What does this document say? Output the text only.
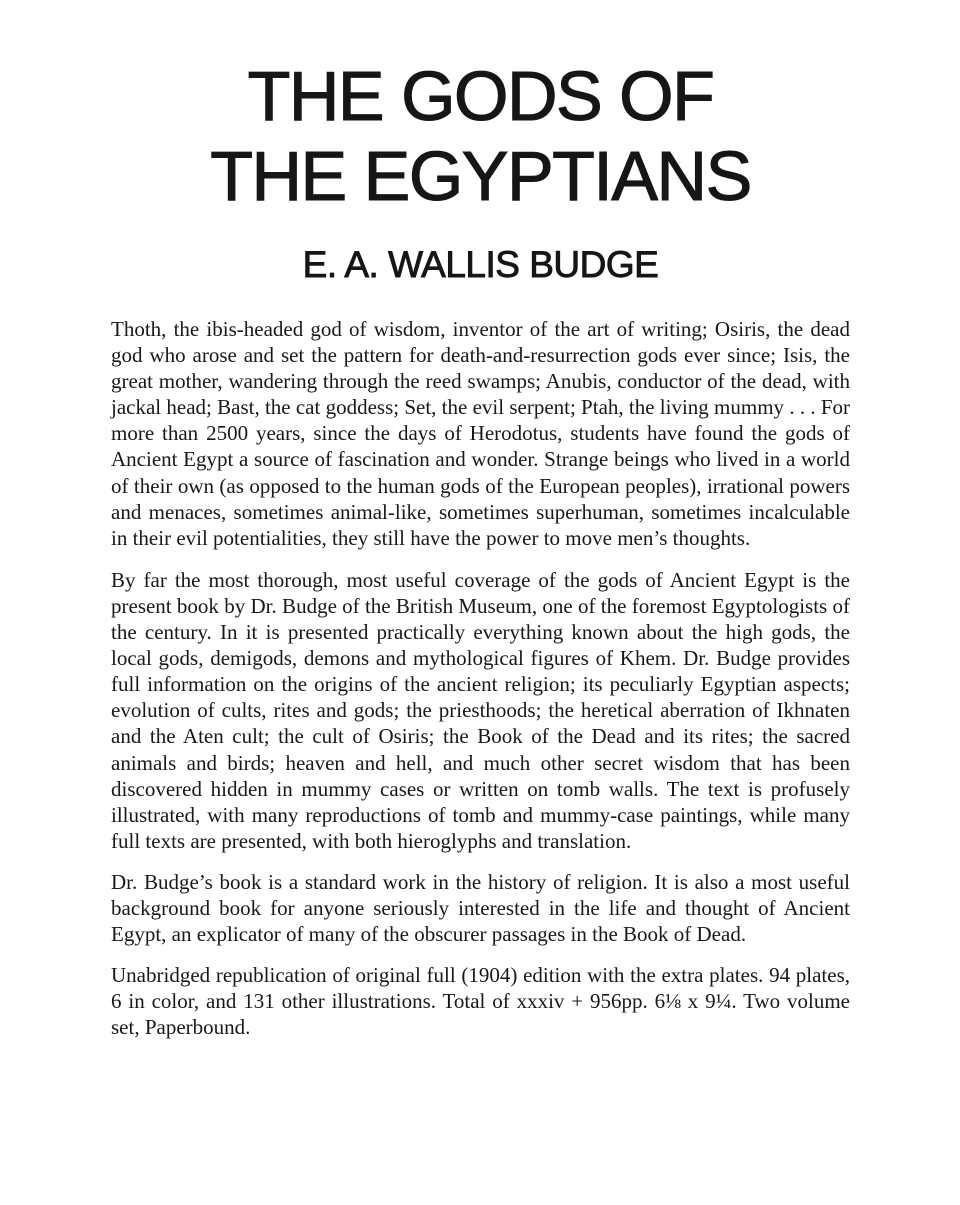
THE GODS OF
THE EGYPTIANS
E. A. WALLIS BUDGE

Thoth, the ibis-headed god of wisdom, inventor of the art of writing; Osiris, the dead god who arose and set the pattern for death-and-resurrection gods ever since; Isis, the great mother, wandering through the reed swamps; Anubis, conductor of the dead, with jackal head; Bast, the cat goddess; Set, the evil serpent; Ptah, the living mummy . . . For more than 2500 years, since the days of Herodotus, students have found the gods of Ancient Egypt a source of fascination and wonder. Strange beings who lived in a world of their own (as opposed to the human gods of the European peoples), irrational powers and menaces, sometimes animal-like, sometimes superhuman, sometimes incalculable in their evil potentialities, they still have the power to move men’s thoughts.

By far the most thorough, most useful coverage of the gods of Ancient Egypt is the present book by Dr. Budge of the British Museum, one of the foremost Egyptologists of the century. In it is presented practically everything known about the high gods, the local gods, demigods, demons and mythological figures of Khem. Dr. Budge provides full information on the origins of the ancient religion; its peculiarly Egyptian aspects; evolution of cults, rites and gods; the priesthoods; the heretical aberration of Ikhnaten and the Aten cult; the cult of Osiris; the Book of the Dead and its rites; the sacred animals and birds; heaven and hell, and much other secret wisdom that has been discovered hidden in mummy cases or written on tomb walls. The text is profusely illustrated, with many reproductions of tomb and mummy-case paintings, while many full texts are presented, with both hieroglyphs and translation.

Dr. Budge’s book is a standard work in the history of religion. It is also a most useful background book for anyone seriously interested in the life and thought of Ancient Egypt, an explicator of many of the obscurer passages in the Book of Dead.

Unabridged republication of original full (1904) edition with the extra plates. 94 plates, 6 in color, and 131 other illustrations. Total of xxxiv + 956pp. 6⅛ x 9¼. Two volume set, Paperbound.
